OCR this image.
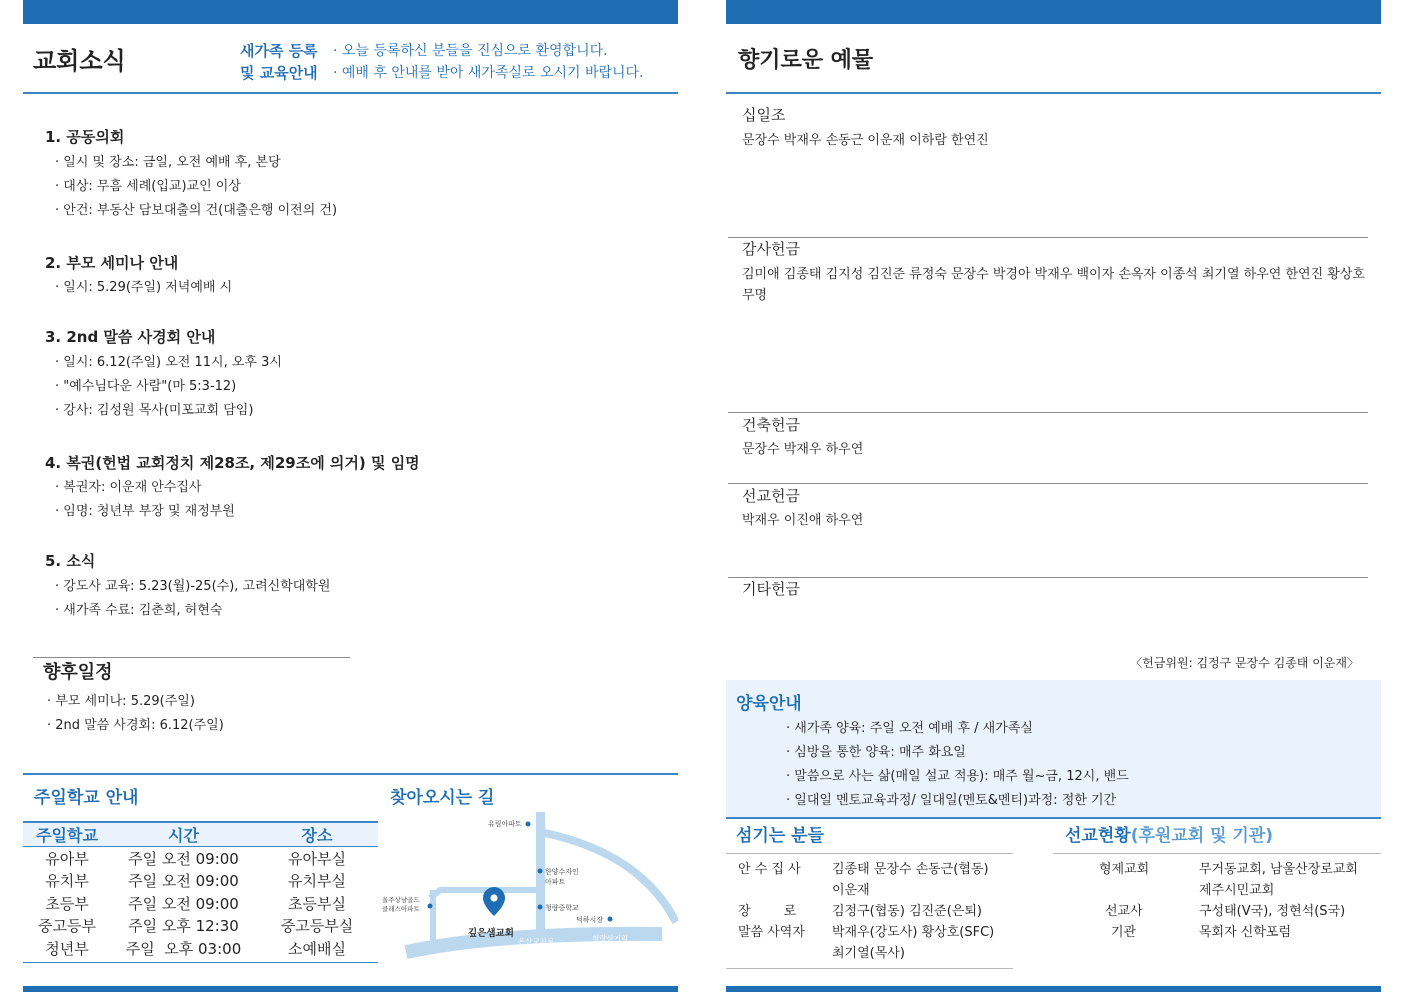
교회소식	새가족 등록
및 교육안내
· 오늘 등록하신 분들을 진심으로 환영합니다.
· 예배 후 안내를 받아 새가족실로 오시기 바랍니다.
1. 공동의회
· 일시 및 장소: 금일, 오전 예배 후, 본당
· 대상: 무흠 세례(입교)교인 이상
· 안건: 부동산 담보대출의 건(대출은행 이전의 건)
2. 부모 세미나 안내
· 일시: 5.29(주일) 저녁예배 시
3. 2nd 말씀 사경회 안내
· 일시: 6.12(주일) 오전 11시, 오후 3시
· "예수님다운 사람"(마 5:3-12)
· 강사: 김성원 목사(미포교회 담임)
4. 복권(헌법 교회정치 제28조, 제29조에 의거) 및 임명
· 복권자: 이운재 안수집사
· 임명: 청년부 부장 및 재정부원
5. 소식
· 강도사 교육: 5.23(월)-25(수), 고려신학대학원
· 새가족 수료: 김춘희, 허현숙
향후일정
· 부모 세미나: 5.29(주일)
· 2nd 말씀 사경회: 6.12(주일)
주일학교 안내
주일학교	시간	장소
유아부	주일 오전 09:00	유아부실
유치부	주일 오전 09:00	유치부실
초등부	주일 오전 09:00	초등부실
중고등부	주일 오후 12:30	중고등부실
청년부	주일  오후 03:00	소예배실
찾아오시는 길
유림아파트
한양수자인
아파트
울주상남골드
클래스아파트	청량중학교
덕하시장
깊은샘교회
온산교차로	청량삼거리
향기로운 예물
십일조
문장수 박재우 손동근 이운재 이하람 한연진
감사헌금
김미애 김종태 김지성 김진준 류정숙 문장수 박경아 박재우 백이자 손옥자 이종석 최기열 하우연 한연진 황상호 무명
건축헌금
문장수 박재우 하우연
선교헌금
박재우 이진애 하우연
기타헌금
〈헌금위원: 김정구 문장수 김종태 이운재〉
양육안내
· 새가족 양육: 주일 오전 예배 후 / 새가족실
· 심방을 통한 양육: 매주 화요일
· 말씀으로 사는 삶(매일 설교 적용): 매주 월~금, 12시, 밴드
· 일대일 멘토교육과정/ 일대일(멘토&멘티)과정: 정한 기간
섬기는 분들
안 수 집 사	김종태 문장수 손동근(협동)
이운재
장        로	김정구(협동) 김진준(은퇴)
말씀 사역자	박재우(강도사) 황상호(SFC)
최기열(목사)
선교현황(후원교회 및 기관)
형제교회	무거동교회, 남울산장로교회
제주시민교회
선교사	구성태(V국), 정현석(S국)
기관	목회자 신학포럼
